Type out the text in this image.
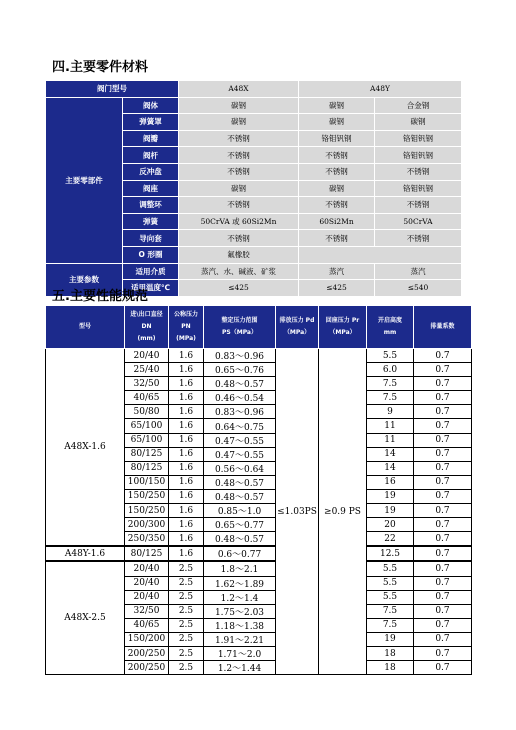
四.主要零件材料
阀门型号		A48X	A48Y	
主要零部件	阀体	碳钢	碳钢	合金钢
	弹簧罩	碳钢	碳钢	碳钢
	阀瓣	不锈钢	铬钼钒钢	铬钼钒钢
	阀杆	不锈钢	不锈钢	铬钼钒钢
	反冲盘	不锈钢	不锈钢	不锈钢
	阀座	碳钢	碳钢	铬钼钒钢
	调整环	不锈钢	不锈钢	不锈钢
	弹簧	50CrVA 或 60Si2Mn	60Si2Mn	50CrVA
	导向套	不锈钢	不锈钢	不锈钢
	O 形圈	氟橡胶		
主要参数	适用介质	蒸汽、水、碱液、矿浆	蒸汽	蒸汽
	适用温度℃	≤425	≤425	≤540
五.主要性能规范
型号	进\出口直径
DN
(mm)	公称压力
PN
(MPa)	整定压力范围
PS（MPa）	排放压力 Pd
（MPa）	回座压力 Pr
（MPa）	开启高度
mm	排量系数
A48X-1.6	20/40	1.6	0.83～0.96	≤1.03PS	≥0.9 PS	5.5	0.7
	25/40	1.6	0.65～0.76			6.0	0.7
	32/50	1.6	0.48～0.57			7.5	0.7
	40/65	1.6	0.46～0.54			7.5	0.7
	50/80	1.6	0.83～0.96			9	0.7
	65/100	1.6	0.64～0.75			11	0.7
	65/100	1.6	0.47～0.55			11	0.7
	80/125	1.6	0.47～0.55			14	0.7
	80/125	1.6	0.56～0.64			14	0.7
	100/150	1.6	0.48～0.57			16	0.7
	150/250	1.6	0.48～0.57			19	0.7
	150/250	1.6	0.85～1.0			19	0.7
	200/300	1.6	0.65～0.77			20	0.7
	250/350	1.6	0.48～0.57			22	0.7
A48Y-1.6	80/125	1.6	0.6～0.77			12.5	0.7
A48X-2.5	20/40	2.5	1.8～2.1			5.5	0.7
	20/40	2.5	1.62～1.89			5.5	0.7
	20/40	2.5	1.2～1.4			5.5	0.7
	32/50	2.5	1.75～2.03			7.5	0.7
	40/65	2.5	1.18～1.38			7.5	0.7
	150/200	2.5	1.91～2.21			19	0.7
	200/250	2.5	1.71～2.0			18	0.7
	200/250	2.5	1.2～1.44			18	0.7
